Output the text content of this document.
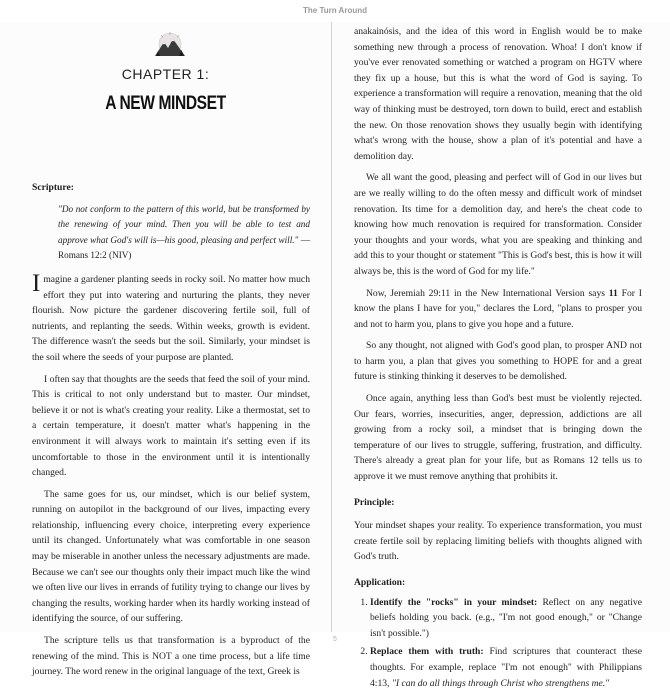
The Turn Around
CHAPTER 1:
A NEW MINDSET
Scripture:
"Do not conform to the pattern of this world, but be transformed by the renewing of your mind. Then you will be able to test and approve what God's will is—his good, pleasing and perfect will." — Romans 12:2 (NIV)

Imagine a gardener planting seeds in rocky soil. No matter how much effort they put into watering and nurturing the plants, they never flourish. Now picture the gardener discovering fertile soil, full of nutrients, and replanting the seeds. Within weeks, growth is evident. The difference wasn't the seeds but the soil. Similarly, your mindset is the soil where the seeds of your purpose are planted.

I often say that thoughts are the seeds that feed the soil of your mind. This is critical to not only understand but to master. Our mindset, believe it or not is what's creating your reality. Like a thermostat, set to a certain temperature, it doesn't matter what's happening in the environment it will always work to maintain it's setting even if its uncomfortable to those in the environment until it is intentionally changed.

The same goes for us, our mindset, which is our belief system, running on autopilot in the background of our lives, impacting every relationship, influencing every choice, interpreting every experience until its changed. Unfortunately what was comfortable in one season may be miserable in another unless the necessary adjustments are made. Because we can't see our thoughts only their impact much like the wind we often live our lives in errands of futility trying to change our lives by changing the results, working harder when its hardly working instead of identifying the source, of our suffering.

The scripture tells us that transformation is a byproduct of the renewing of the mind. This is NOT a one time process, but a life time journey. The word renew in the original language of the text, Greek is

anakainósis, and the idea of this word in English would be to make something new through a process of renovation. Whoa! I don't know if you've ever renovated something or watched a program on HGTV where they fix up a house, but this is what the word of God is saying. To experience a transformation will require a renovation, meaning that the old way of thinking must be destroyed, torn down to build, erect and establish the new. On those renovation shows they usually begin with identifying what's wrong with the house, show a plan of it's potential and have a demolition day.

We all want the good, pleasing and perfect will of God in our lives but are we really willing to do the often messy and difficult work of mindset renovation. Its time for a demolition day, and here's the cheat code to knowing how much renovation is required for transformation. Consider your thoughts and your words, what you are speaking and thinking and add this to your thought or statement "This is God's best, this is how it will always be, this is the word of God for my life."

Now, Jeremiah 29:11 in the New International Version says 11 For I know the plans I have for you," declares the Lord, "plans to prosper you and not to harm you, plans to give you hope and a future.

So any thought, not aligned with God's good plan, to prosper AND not to harm you, a plan that gives you something to HOPE for and a great future is stinking thinking it deserves to be demolished.

Once again, anything less than God's best must be violently rejected. Our fears, worries, insecurities, anger, depression, addictions are all growing from a rocky soil, a mindset that is bringing down the temperature of our lives to struggle, suffering, frustration, and difficulty. There's already a great plan for your life, but as Romans 12 tells us to approve it we must remove anything that prohibits it.

Principle:

Your mindset shapes your reality. To experience transformation, you must create fertile soil by replacing limiting beliefs with thoughts aligned with God's truth.

Application:
1. Identify the "rocks" in your mindset: Reflect on any negative beliefs holding you back. (e.g., "I'm not good enough," or "Change isn't possible.")
2. Replace them with truth: Find scriptures that counteract these thoughts. For example, replace "I'm not enough" with Philippians 4:13, "I can do all things through Christ who strengthens me."
5
